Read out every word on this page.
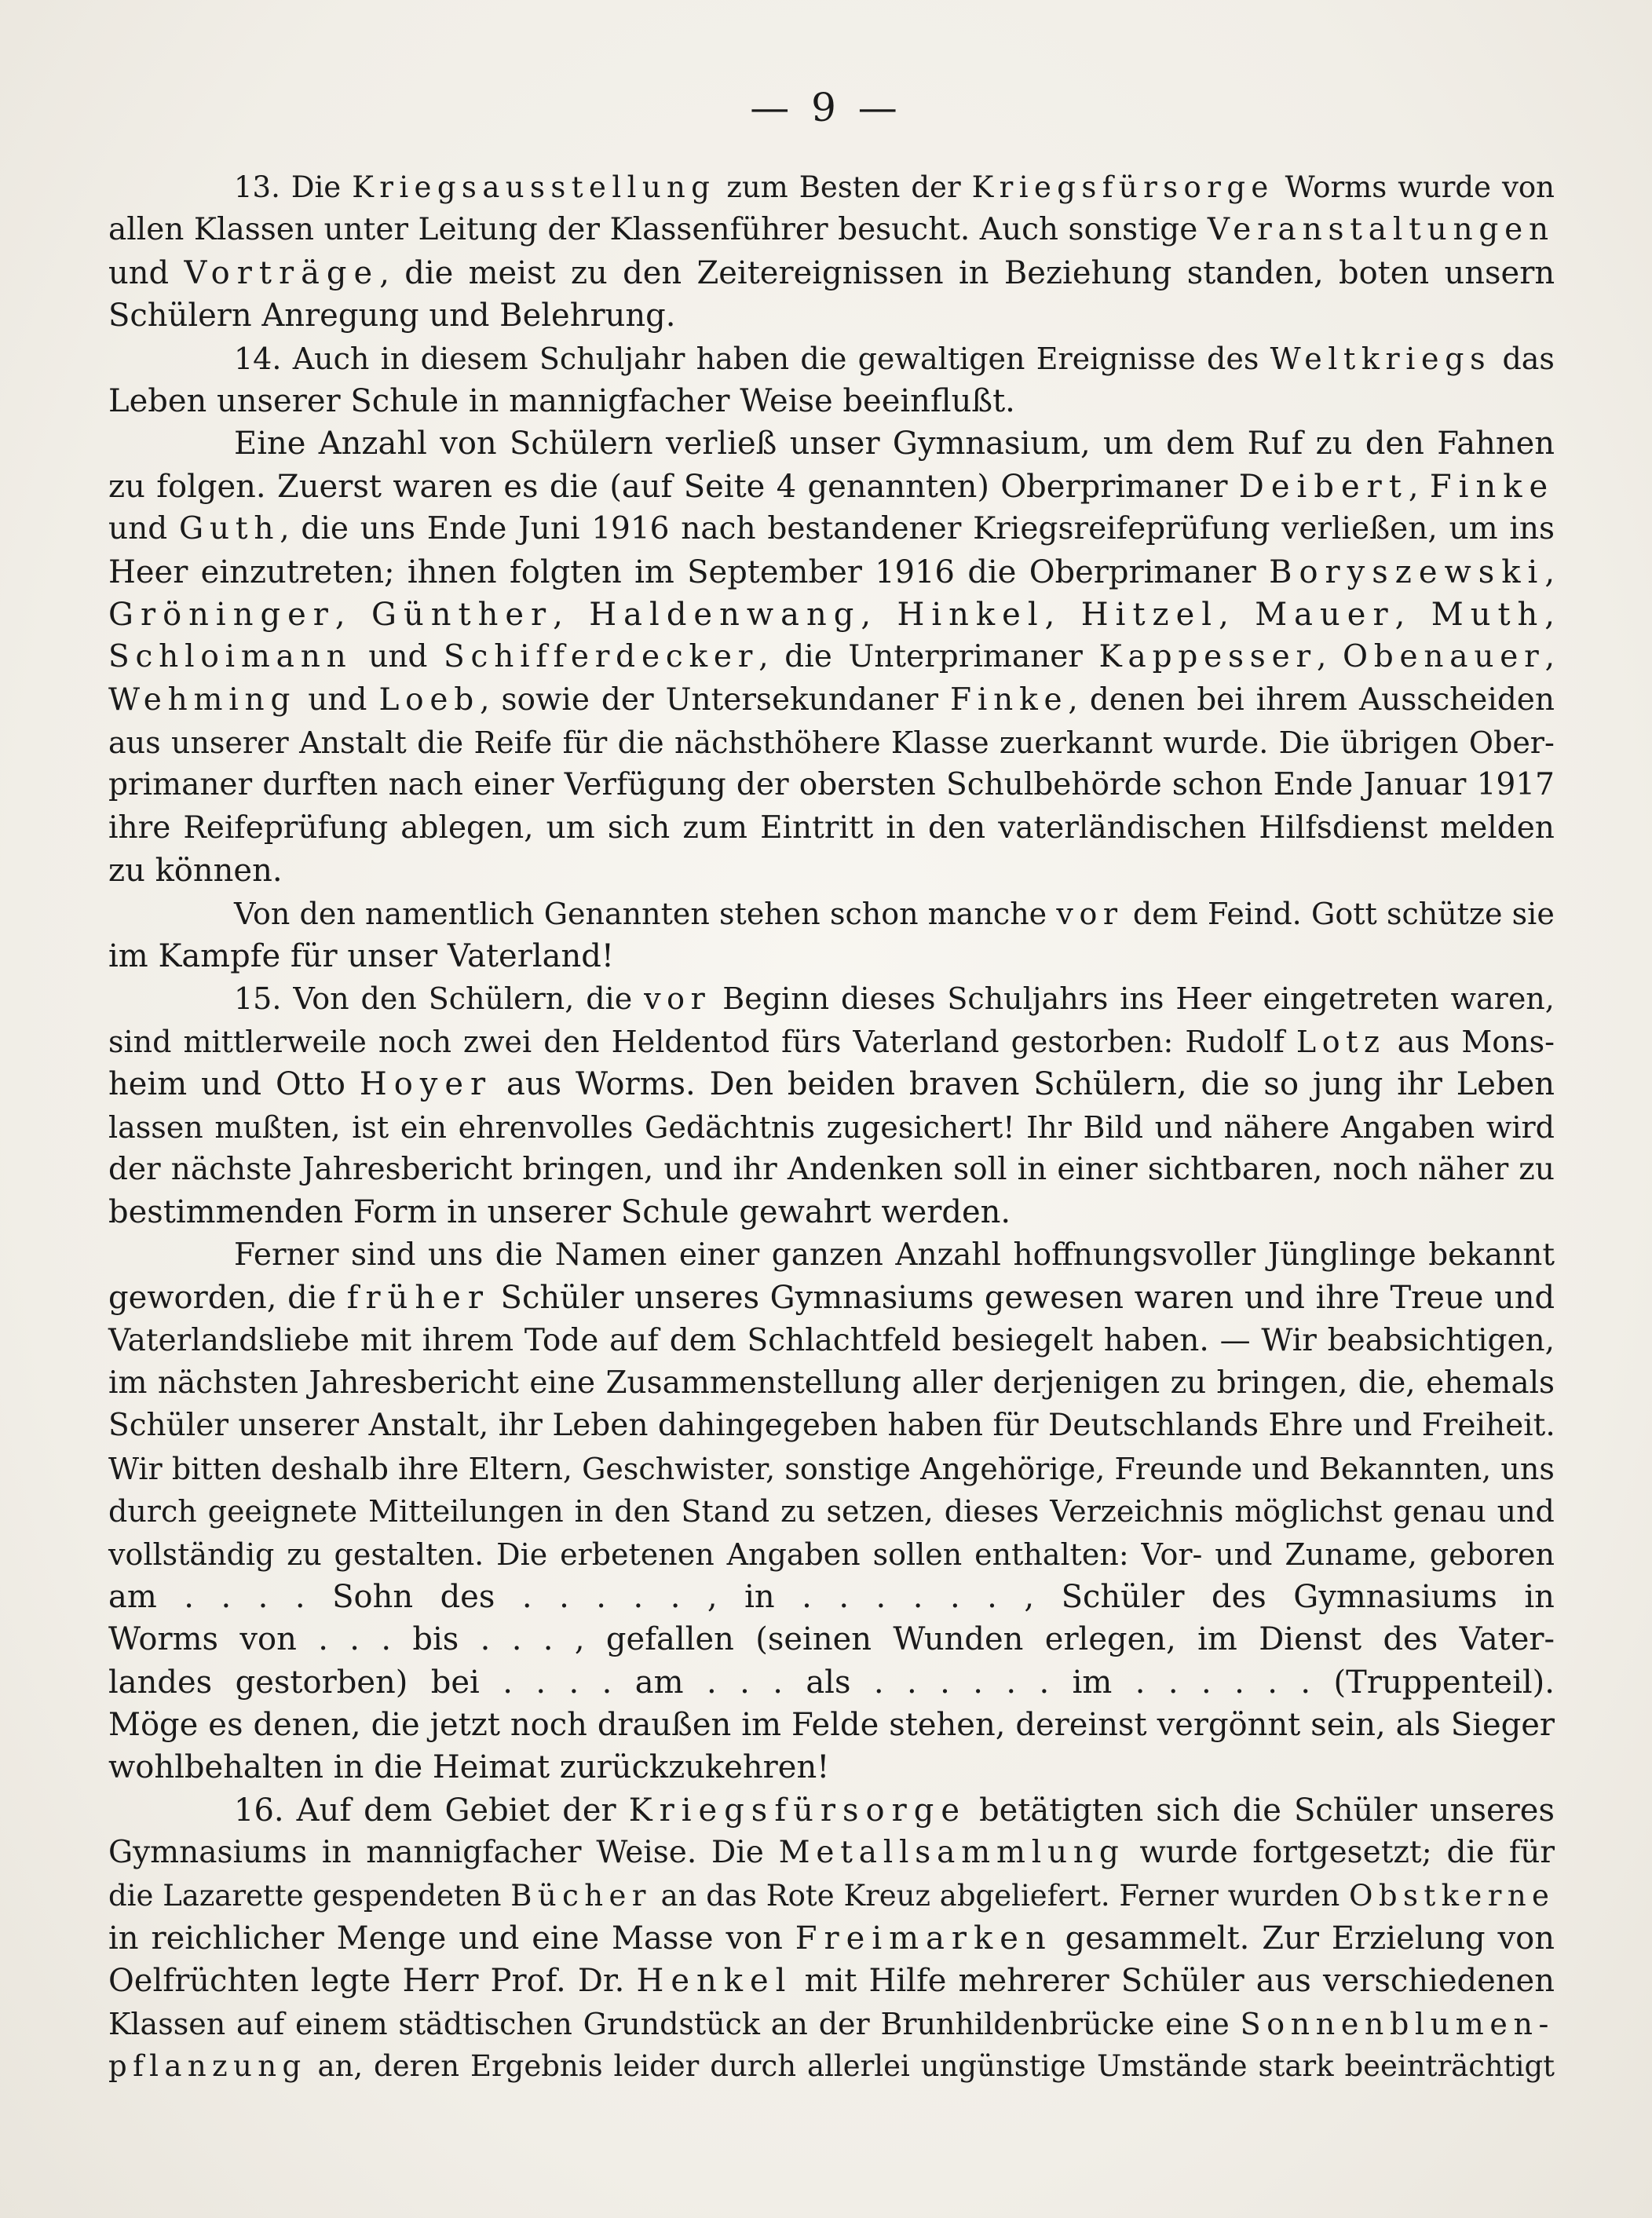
— 9 —
13. Die Kriegsausstellung zum Besten der Kriegsfürsorge Worms wurde von
allen Klassen unter Leitung der Klassenführer besucht. Auch sonstige Veranstaltungen
und Vorträge, die meist zu den Zeitereignissen in Beziehung standen, boten unsern
Schülern Anregung und Belehrung.
14. Auch in diesem Schuljahr haben die gewaltigen Ereignisse des Weltkriegs das
Leben unserer Schule in mannigfacher Weise beeinflußt.
Eine Anzahl von Schülern verließ unser Gymnasium, um dem Ruf zu den Fahnen
zu folgen. Zuerst waren es die (auf Seite 4 genannten) Oberprimaner Deibert, Finke
und Guth, die uns Ende Juni 1916 nach bestandener Kriegsreifeprüfung verließen, um ins
Heer einzutreten; ihnen folgten im September 1916 die Oberprimaner Boryszewski,
Gröninger, Günther, Haldenwang, Hinkel, Hitzel, Mauer, Muth,
Schloimann und Schifferdecker, die Unterprimaner Kappesser, Obenauer,
Wehming und Loeb, sowie der Untersekundaner Finke, denen bei ihrem Ausscheiden
aus unserer Anstalt die Reife für die nächsthöhere Klasse zuerkannt wurde. Die übrigen Ober-
primaner durften nach einer Verfügung der obersten Schulbehörde schon Ende Januar 1917
ihre Reifeprüfung ablegen, um sich zum Eintritt in den vaterländischen Hilfsdienst melden
zu können.
Von den namentlich Genannten stehen schon manche vor dem Feind. Gott schütze sie
im Kampfe für unser Vaterland!
15. Von den Schülern, die vor Beginn dieses Schuljahrs ins Heer eingetreten waren,
sind mittlerweile noch zwei den Heldentod fürs Vaterland gestorben: Rudolf Lotz aus Mons-
heim und Otto Hoyer aus Worms. Den beiden braven Schülern, die so jung ihr Leben
lassen mußten, ist ein ehrenvolles Gedächtnis zugesichert! Ihr Bild und nähere Angaben wird
der nächste Jahresbericht bringen, und ihr Andenken soll in einer sichtbaren, noch näher zu
bestimmenden Form in unserer Schule gewahrt werden.
Ferner sind uns die Namen einer ganzen Anzahl hoffnungsvoller Jünglinge bekannt
geworden, die früher Schüler unseres Gymnasiums gewesen waren und ihre Treue und
Vaterlandsliebe mit ihrem Tode auf dem Schlachtfeld besiegelt haben. — Wir beabsichtigen,
im nächsten Jahresbericht eine Zusammenstellung aller derjenigen zu bringen, die, ehemals
Schüler unserer Anstalt, ihr Leben dahingegeben haben für Deutschlands Ehre und Freiheit.
Wir bitten deshalb ihre Eltern, Geschwister, sonstige Angehörige, Freunde und Bekannten, uns
durch geeignete Mitteilungen in den Stand zu setzen, dieses Verzeichnis möglichst genau und
vollständig zu gestalten. Die erbetenen Angaben sollen enthalten: Vor- und Zuname, geboren
am . . . . Sohn des . . . . . , in . . . . . . , Schüler des Gymnasiums in
Worms von . . . bis . . . , gefallen (seinen Wunden erlegen, im Dienst des Vater-
landes gestorben) bei . . . . am . . . als . . . . . . im . . . . . . (Truppenteil).
Möge es denen, die jetzt noch draußen im Felde stehen, dereinst vergönnt sein, als Sieger
wohlbehalten in die Heimat zurückzukehren!
16. Auf dem Gebiet der Kriegsfürsorge betätigten sich die Schüler unseres
Gymnasiums in mannigfacher Weise. Die Metallsammlung wurde fortgesetzt; die für
die Lazarette gespendeten Bücher an das Rote Kreuz abgeliefert. Ferner wurden Obstkerne
in reichlicher Menge und eine Masse von Freimarken gesammelt. Zur Erzielung von
Oelfrüchten legte Herr Prof. Dr. Henkel mit Hilfe mehrerer Schüler aus verschiedenen
Klassen auf einem städtischen Grundstück an der Brunhildenbrücke eine Sonnenblumen-
pflanzung an, deren Ergebnis leider durch allerlei ungünstige Umstände stark beeinträchtigt
